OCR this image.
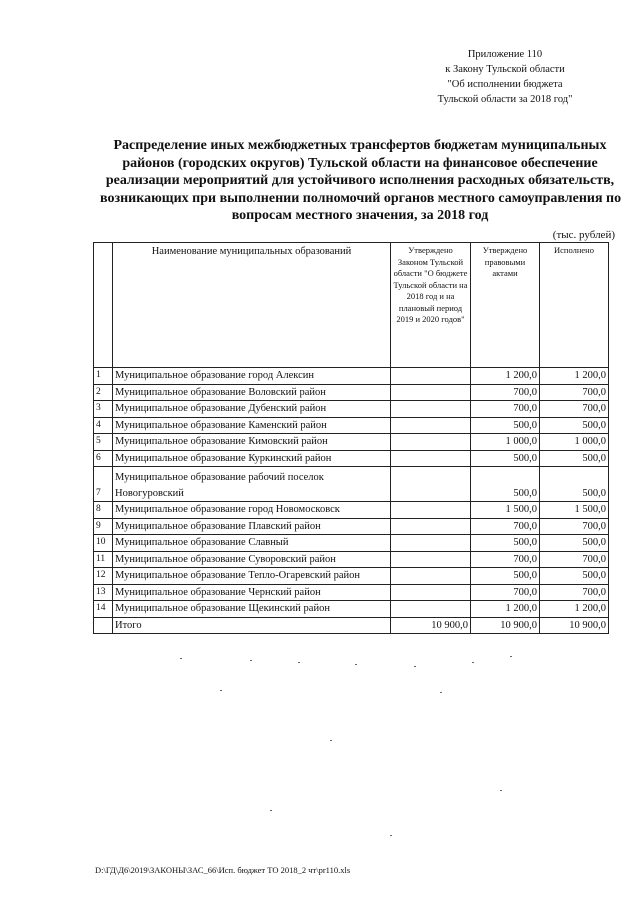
Приложение 110
к Закону Тульской области
"Об исполнении бюджета
Тульской области за 2018 год"
Распределение иных межбюджетных трансфертов бюджетам муниципальных
районов (городских округов) Тульской области на финансовое обеспечение
реализации мероприятий для устойчивого исполнения расходных обязательств,
возникающих при выполнении полномочий органов местного самоуправления по
вопросам местного значения, за 2018 год
(тыс. рублей)
	Наименование муниципальных образований	Утверждено Законом Тульской области "О бюджете Тульской области на 2018 год и на плановый период 2019 и 2020 годов"	Утверждено правовыми актами	Исполнено
1	Муниципальное образование город Алексин		1 200,0	1 200,0
2	Муниципальное образование Воловский район		700,0	700,0
3	Муниципальное образование Дубенский район		700,0	700,0
4	Муниципальное образование Каменский район		500,0	500,0
5	Муниципальное образование Кимовский район		1 000,0	1 000,0
6	Муниципальное образование Куркинский район		500,0	500,0
7	Муниципальное образование рабочий поселок Новогуровский		500,0	500,0
8	Муниципальное образование город Новомосковск		1 500,0	1 500,0
9	Муниципальное образование Плавский район		700,0	700,0
10	Муниципальное образование Славный		500,0	500,0
11	Муниципальное образование Суворовский район		700,0	700,0
12	Муниципальное образование Тепло-Огаревский район		500,0	500,0
13	Муниципальное образование Чернский район		700,0	700,0
14	Муниципальное образование Щекинский район		1 200,0	1 200,0
	Итого	10 900,0	10 900,0	10 900,0
D:\ГД\Д6\2019\ЗАКОНЫ\ЗАС_66\Исп. бюджет ТО 2018_2 чт\pr110.xls
